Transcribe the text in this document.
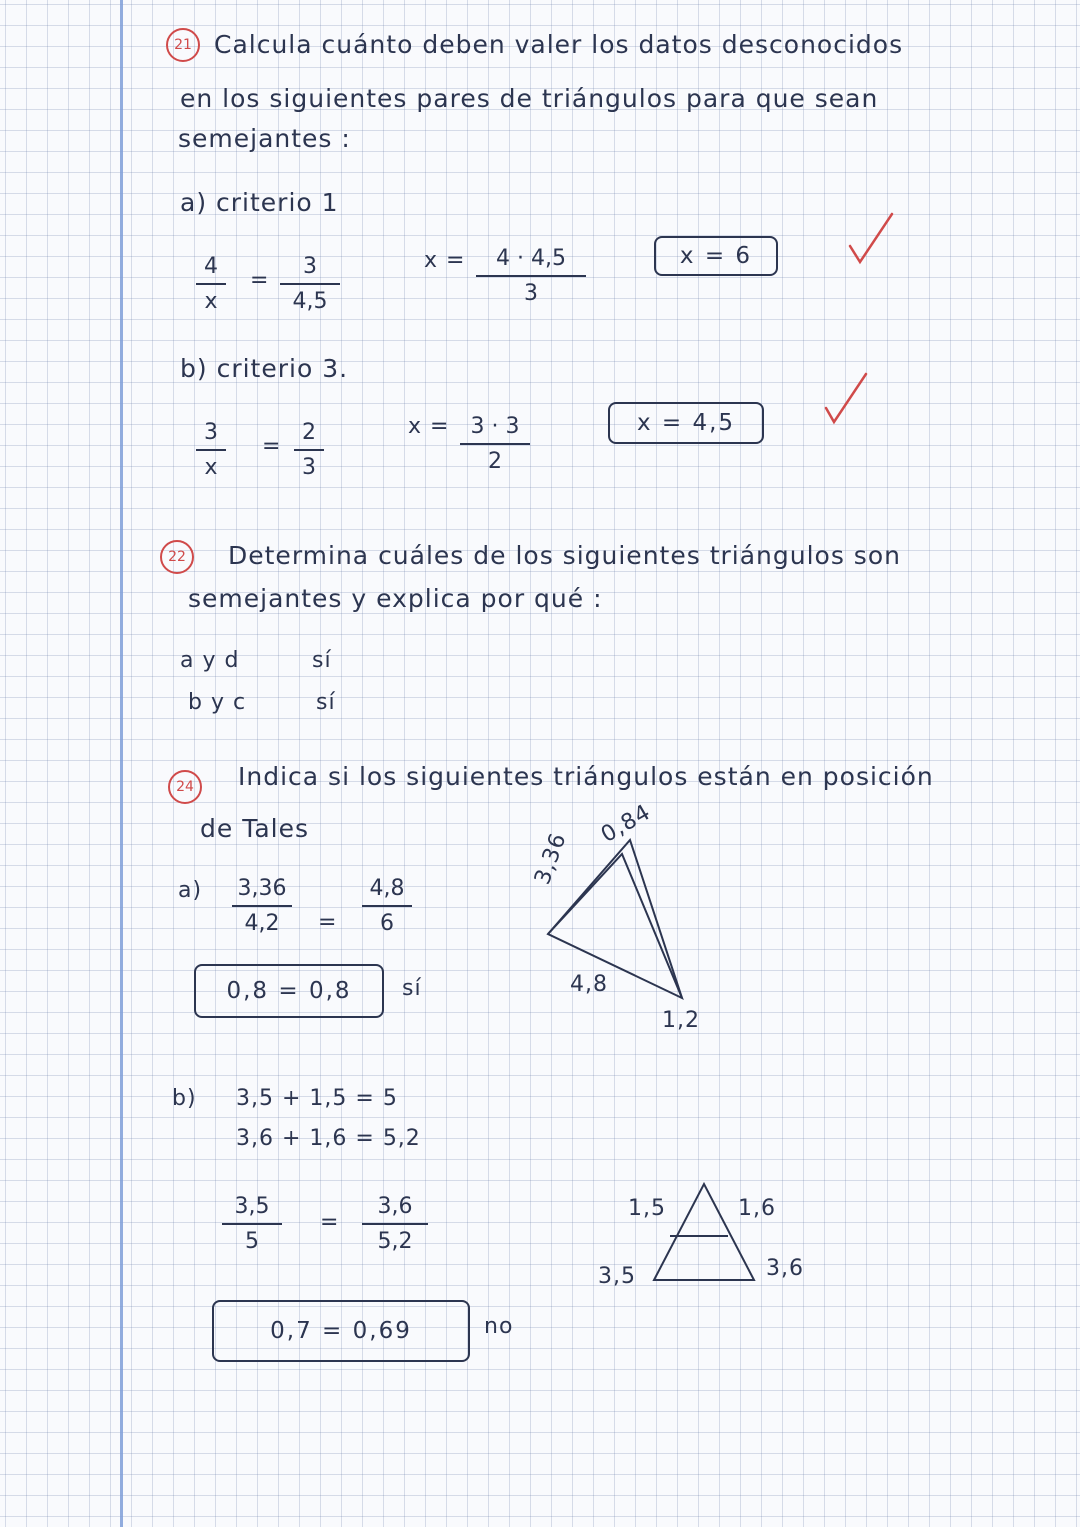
21 Calcula cuánto deben valer los datos desconocidos
en los siguientes pares de triángulos para que sean
semejantes :
a) criterio 1
4
x
=
3
4,5
x = 4 · 4,5
3
x = 6
b) criterio 3.
3
x
=
2
3
x = 3 · 3
2
x = 4,5
22	Determina cuáles de los siguientes triángulos son
semejantes y explica por qué :
a y d	sí
b y c	sí
24	Indica si los siguientes triángulos están en posición
de Tales
a) 3,36
4,2 =
4,8
6
0,8 = 0,8	sí
3,36
0,84
4,8
1,2
b) 3,5 + 1,5 = 5
3,6 + 1,6 = 5,2
3,5
5
=
3,6
5,2
0,7 = 0,69	no
1,5	1,6
3,5	3,6
